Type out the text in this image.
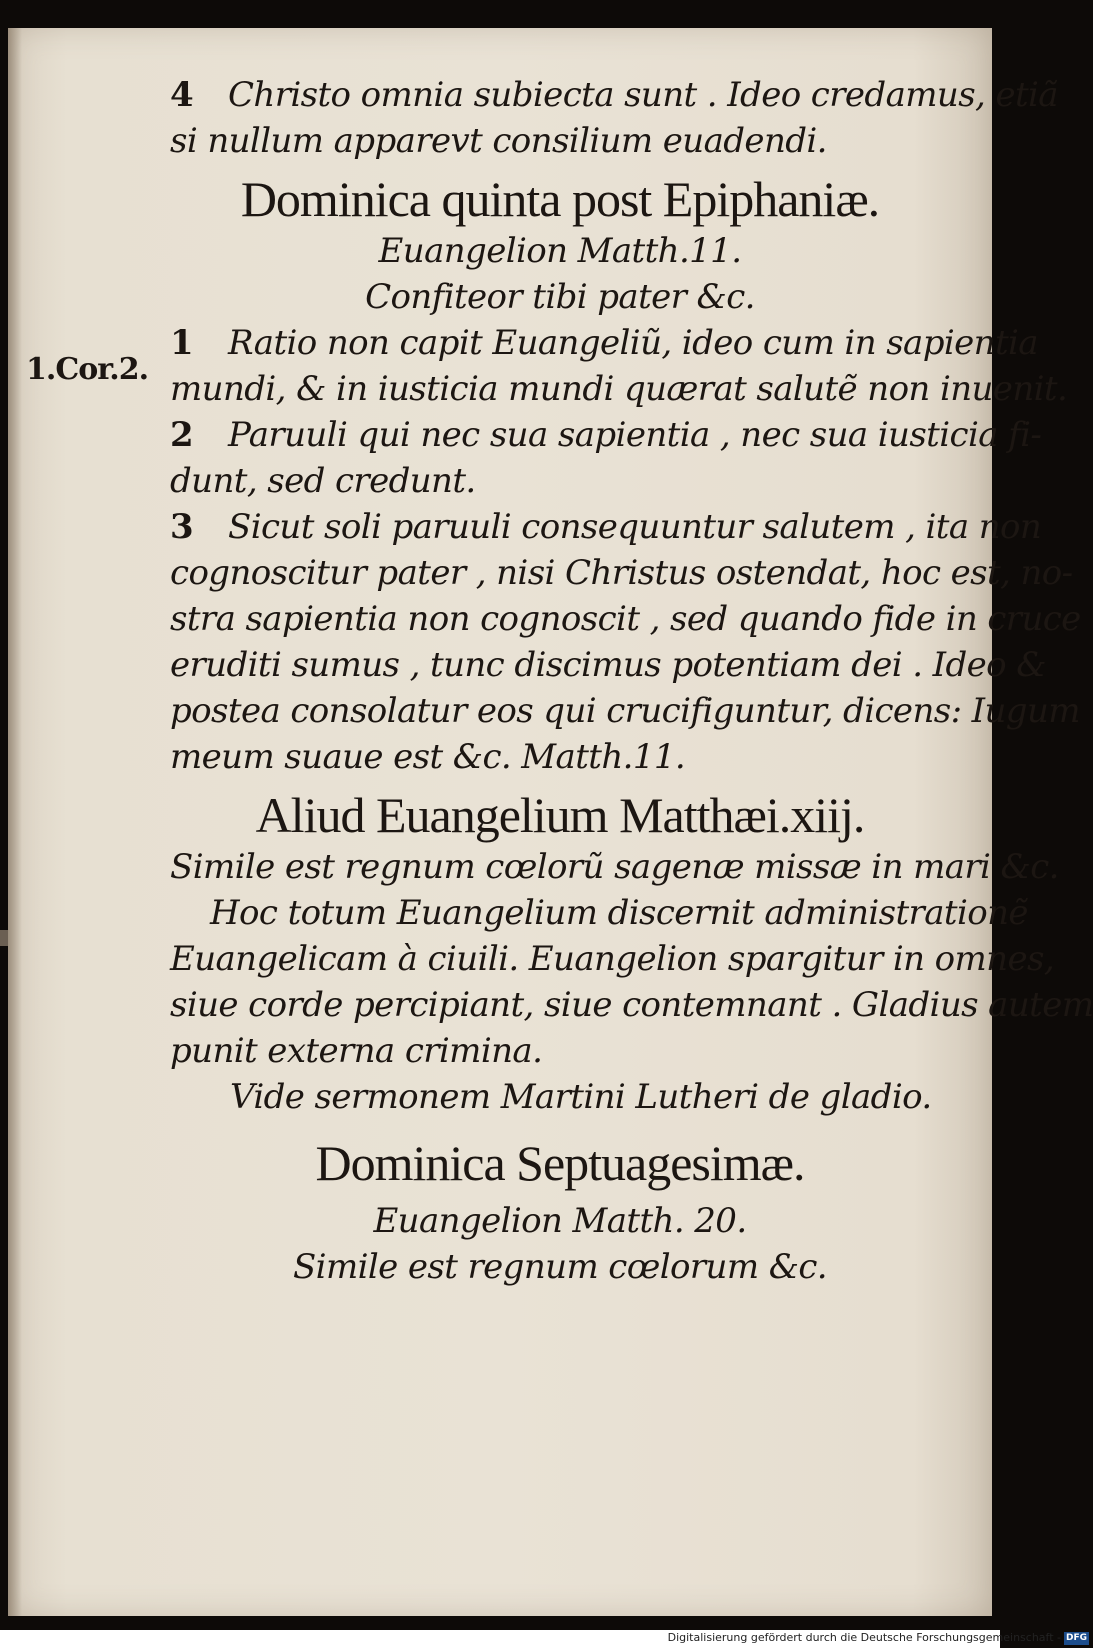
1.Cor.2.
4 Christo omnia subiecta sunt . Ideo credamus, etiã
si nullum apparevt consilium euadendi.
Dominica quinta post Epiphaniæ.
Euangelion Matth.11.
Confiteor tibi pater &c.
1 Ratio non capit Euangeliũ, ideo cum in sapientia
mundi, & in iusticia mundi quærat salutẽ non inuenit.
2 Paruuli qui nec sua sapientia , nec sua iusticia fi-
dunt, sed credunt.
3 Sicut soli paruuli consequuntur salutem , ita non
cognoscitur pater , nisi Christus ostendat, hoc est, no-
stra sapientia non cognoscit , sed quando fide in cruce
eruditi sumus , tunc discimus potentiam dei . Ideo &
postea consolatur eos qui crucifiguntur, dicens: Iugum
meum suaue est &c. Matth.11.
Aliud Euangelium Matthæi.xiij.
Simile est regnum cœlorũ sagenæ missæ in mari &c.
Hoc totum Euangelium discernit administrationẽ
Euangelicam à ciuili. Euangelion spargitur in omnes,
siue corde percipiant, siue contemnant . Gladius autem
punit externa crimina.
Vide sermonem Martini Lutheri de gladio.
Dominica Septuagesimæ.
Euangelion Matth. 20.
Simile est regnum cœlorum &c.
Digitalisierung gefördert durch die Deutsche Forschungsgemeinschaft - DFG
